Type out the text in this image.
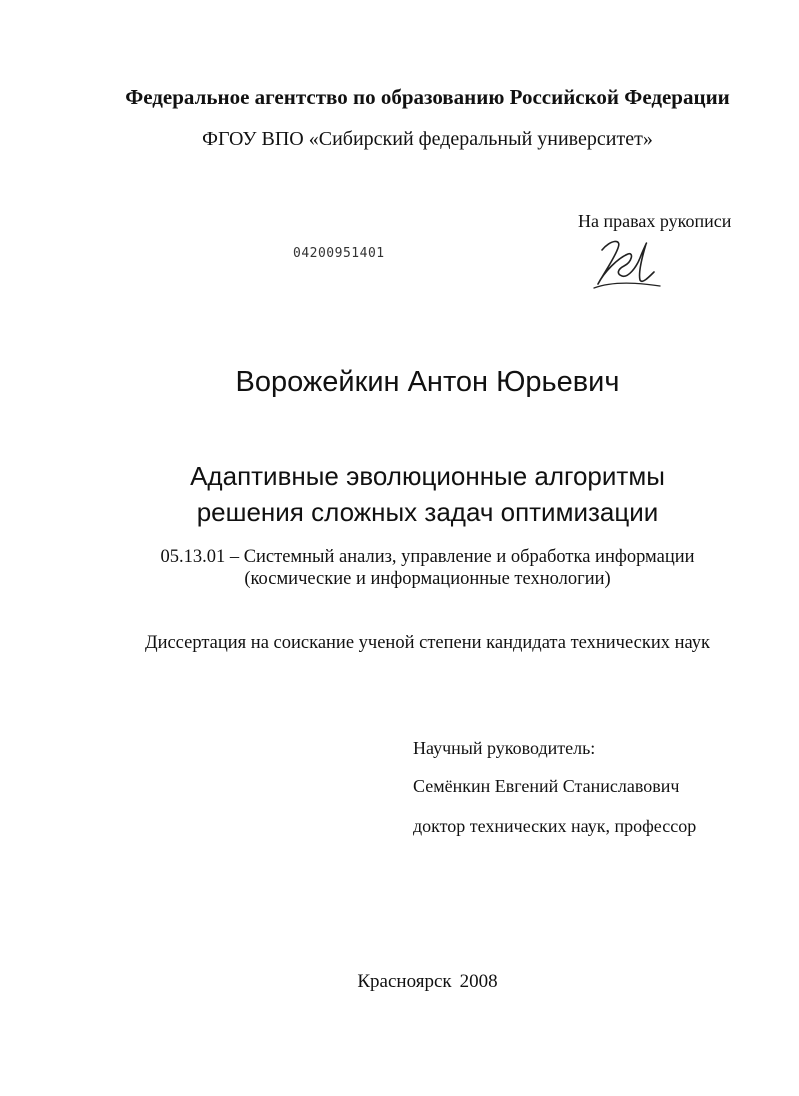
Федеральное агентство по образованию Российской Федерации
ФГОУ ВПО «Сибирский федеральный университет»
На правах рукописи
04200951401
Ворожейкин Антон Юрьевич
Адаптивные эволюционные алгоритмы
решения сложных задач оптимизации
05.13.01 – Системный анализ, управление и обработка информации
(космические и информационные технологии)
Диссертация на соискание ученой степени кандидата технических наук
Научный руководитель:
Семёнкин Евгений Станиславович
доктор технических наук, профессор
Красноярск 2008
